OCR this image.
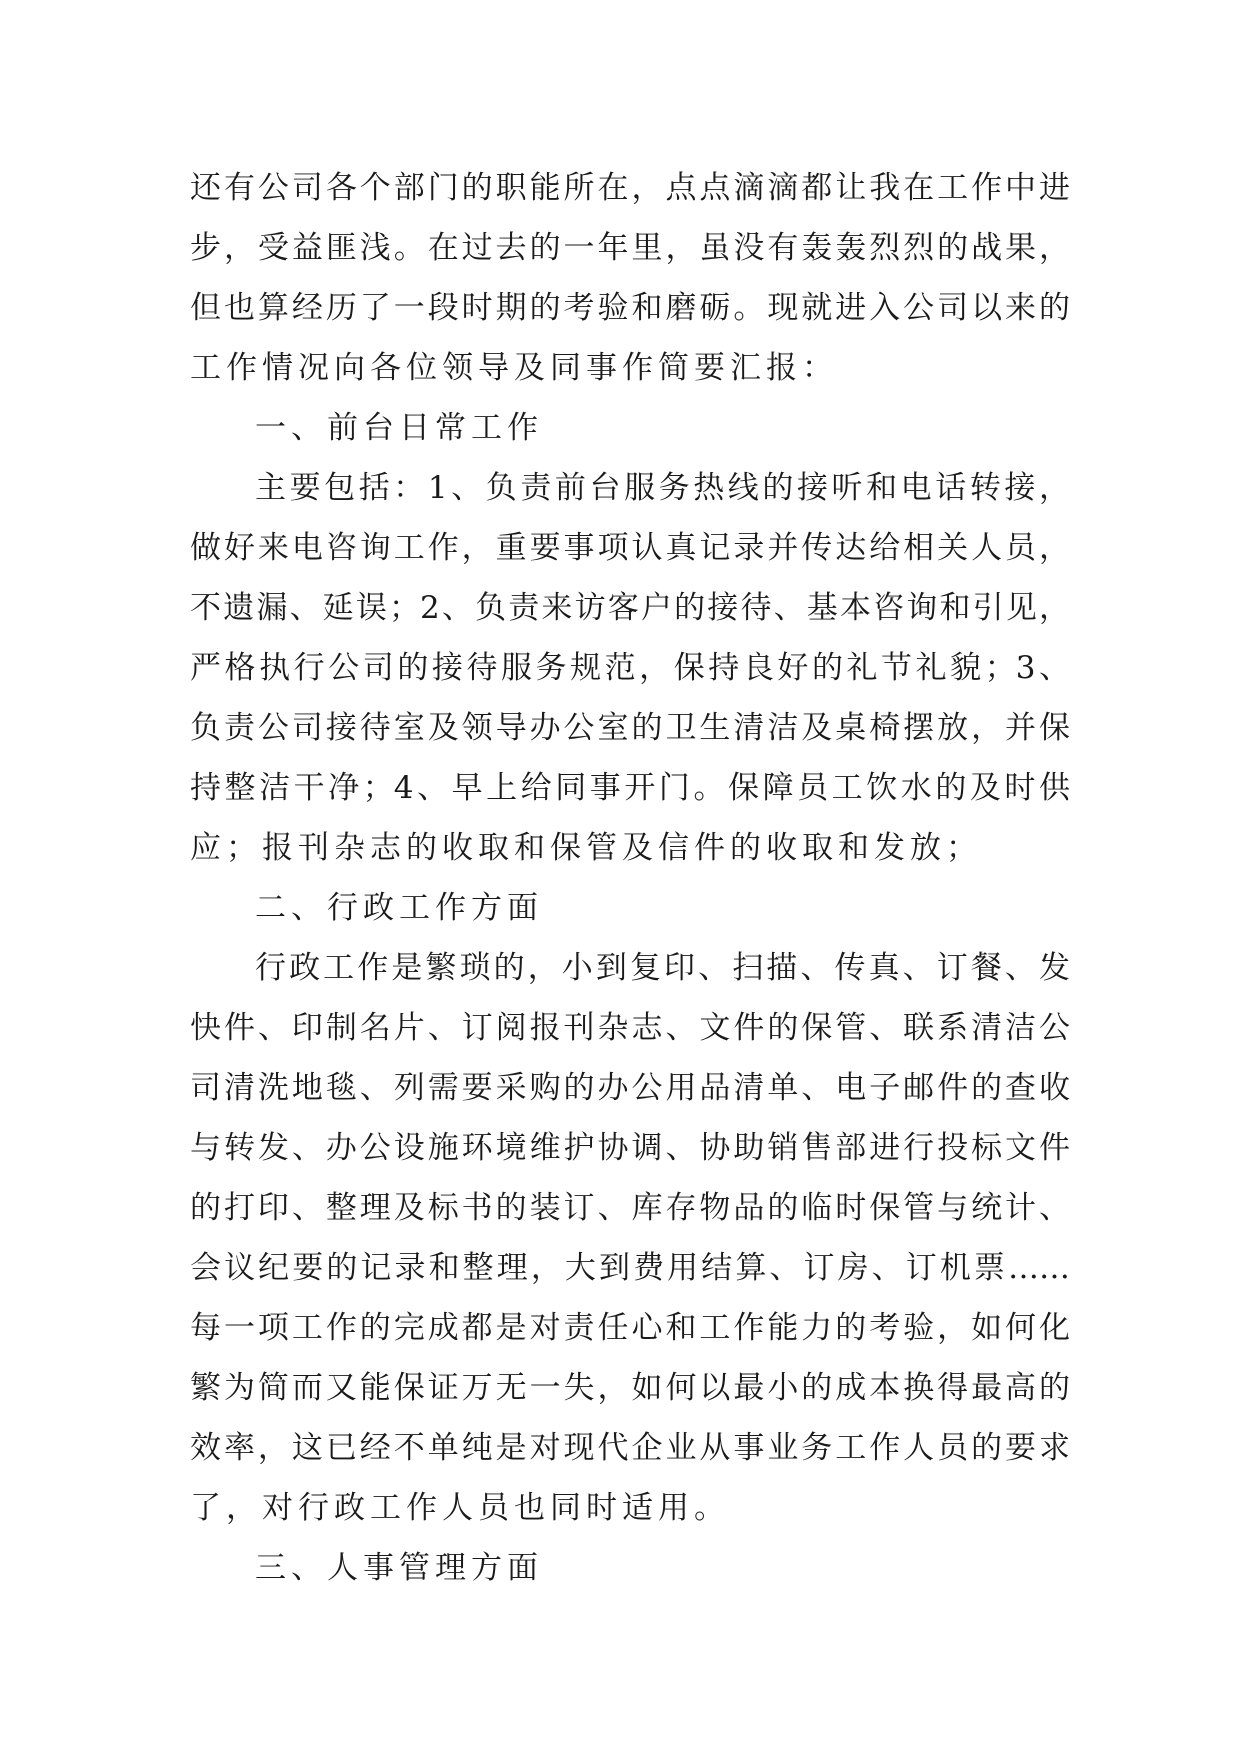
还有公司各个部门的职能所在，点点滴滴都让我在工作中进
步，受益匪浅。在过去的一年里，虽没有轰轰烈烈的战果，
但也算经历了一段时期的考验和磨砺。现就进入公司以来的
工作情况向各位领导及同事作简要汇报：
一、前台日常工作
主要包括：1、负责前台服务热线的接听和电话转接，
做好来电咨询工作，重要事项认真记录并传达给相关人员，
不遗漏、延误；2、负责来访客户的接待、基本咨询和引见，
严格执行公司的接待服务规范，保持良好的礼节礼貌；3、
负责公司接待室及领导办公室的卫生清洁及桌椅摆放，并保
持整洁干净；4、早上给同事开门。保障员工饮水的及时供
应；报刊杂志的收取和保管及信件的收取和发放；
二、行政工作方面
行政工作是繁琐的，小到复印、扫描、传真、订餐、发
快件、印制名片、订阅报刊杂志、文件的保管、联系清洁公
司清洗地毯、列需要采购的办公用品清单、电子邮件的查收
与转发、办公设施环境维护协调、协助销售部进行投标文件
的打印、整理及标书的装订、库存物品的临时保管与统计、
会议纪要的记录和整理，大到费用结算、订房、订机票……
每一项工作的完成都是对责任心和工作能力的考验，如何化
繁为简而又能保证万无一失，如何以最小的成本换得最高的
效率，这已经不单纯是对现代企业从事业务工作人员的要求
了，对行政工作人员也同时适用。
三、人事管理方面
